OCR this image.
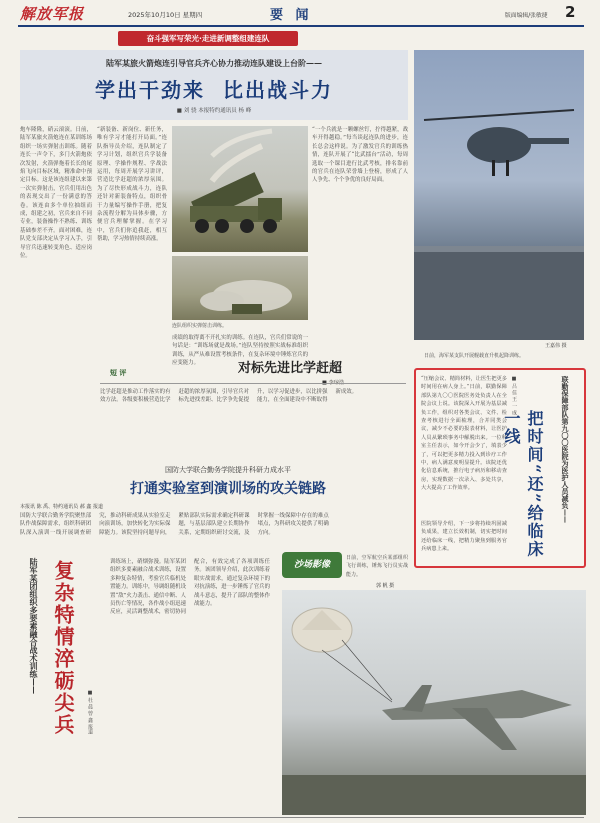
解放军报	2025年10月10日 星期四	要 闻	版面编辑/张敏捷 2
奋斗强军写荣光·走进新调整组建连队
陆军某旅火箭炮连引导官兵齐心协力推动连队建设上台阶——
学出干劲来  比出战斗力
■ 刘 骁 本报特约通讯员 杨 峰
炮车隆隆，硝云滚滚。日前，陆军某旅火箭炮连在某训练场组织一场实弹射击训练。随着连长一声令下，多门火箭炮依次发射，火箭弹拖着长长的尾焰飞向目标区域，精准命中预定目标。这是该连组建以来第一次实弹射击，官兵们用出色的表现交出了一份满意的答卷。该连由多个单位抽组而成，组建之初，官兵来自不同专业，装备操作不熟练、训练基础参差不齐。面对困难，连队党支部决定从学习入手，引导官兵迅速转变角色、适应岗位。
“新装备、新岗位、新任务，唯有学习才能打开局面。”连队指导员介绍，连队制定了学习计划，组织官兵学装备原理、学操作规程、学战法运用，每周开展学习讲评，营造比学赶超的浓厚氛围。为了尽快形成战斗力，连队还针对新装备特点，组织骨干力量编写操作手册，把复杂流程分解为具体步骤，方便官兵理解掌握。在学习中，官兵们你追我赶，相互帮助，学习热情持续高涨。
“一个兵就是一颗螺丝钉，拧得越紧，战车开得越稳。”每当谈起连队的进步，连长总会这样说。为了激发官兵的训练热情，连队开展了“比武擂台”活动，每周选取一个课目进行比武考核，排名靠前的官兵在连队荣誉墙上登榜，形成了人人争先、个个争优的良好局面。
连队组织实弹射击训练。
成绩的取得离不开扎实的训练。在连队，官兵们常说的一句话是：“训练场就是战场。”连队坚持按照实战标准组织训练，从严从难设置考核条件，在复杂环境中锤炼官兵的应变能力。
王嘉伟 摄
日前，海军某支队开展舰载直升机起降训练。
短 评	对标先进比学赶超
比学赶超是推动工作落实的有效方法。各级要积极营造比学赶超的浓厚氛围，引导官兵对标先进找差距、比学争先促提升，以学习促进步，以比拼强能力，在全面建设中不断取得新成效。
国防大学联合勤务学院提升科研力成水平
打通实验室到演训场的攻关链路
本报讯 陈 禹、特约通讯员 郝 鑫 报道
国防大学联合勤务学院聚焦部队作战保障需求，组织科研团队深入演训一线开展调查研究，推动科研成果从实验室走向演训场，加快转化为实际保障能力。该院坚持问题导向，紧贴部队实际需求确定科研课题，与基层部队建立长期协作关系，定期组织研讨交流，及时掌握一线保障中存在的难点堵点，为科研攻关提供了明确方向。
“压缩会议、精简材料，让医生把更多时间用在病人身上。”日前，联勤保障部队第九〇〇医院医务处负责人在全院会议上说。该院深入开展为基层减负工作，组织对各类会议、文件、检查考核进行全面梳理，合并同类会议，减少不必要的报表材料，让医护人员从繁琐事务中解脱出来。一位科室主任表示，如今开会少了，填表少了，可以把更多精力投入到诊疗工作中，病人满意度明显提升。该院还优化信息系统，推行电子病历和移动查房，实现数据一次录入、多处共享，大大提高了工作效率。	把时间“还”给临床一线	联勤保障部队第九〇〇医院为医护人员减负——
■ 吕 佳 王 一 成
医院领导介绍，下一步将持续巩固减负成果，建立长效机制，切实把时间还给临床一线，把精力聚焦到服务官兵病患上来。
陆军某团组织多要素融合战术训练—— 复杂特情淬砺尖兵	■ 杜 晨 曾 鑫 报道
训练场上，硝烟弥漫。陆军某团组织多要素融合战术训练，设置多种复杂特情，考验官兵临机处置能力。训练中，导调组随机设置“敌”火力袭击、通信中断、人员伤亡等情况，各作战小组迅速反应，灵活调整战术，密切协同配合，有效完成了各项训练任务。该团领导介绍，此次训练着眼实战需求，通过复杂环境下的对抗演练，进一步锤炼了官兵的战斗意志，提升了部队的整体作战能力。
沙场影像
日前，空军航空兵某部组织飞行训练，锤炼飞行员实战能力。
郭 帆 摄
